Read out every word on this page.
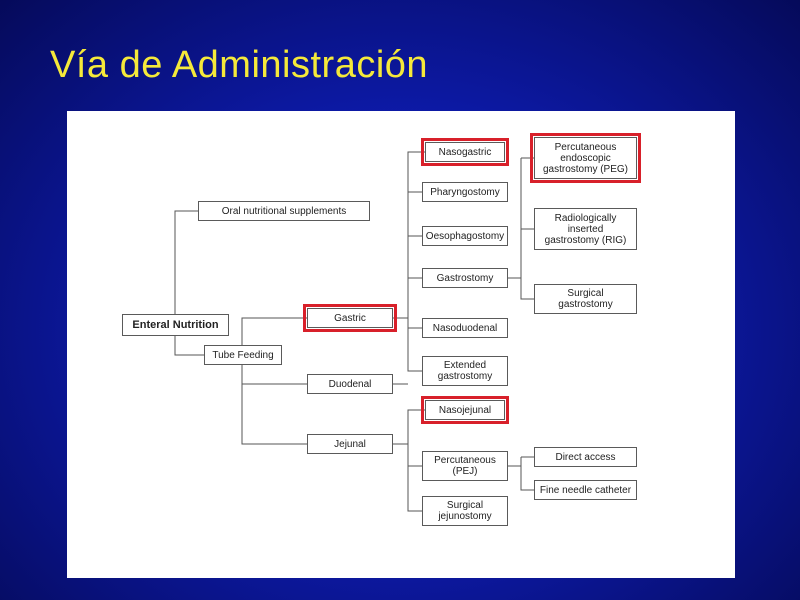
Vía de Administración
Enteral Nutrition
Oral nutritional supplements
Tube Feeding
Gastric
Duodenal
Jejunal
Nasogastric
Pharyngostomy
Oesophagostomy
Gastrostomy
Nasoduodenal
Extended
gastrostomy
Nasojejunal
Percutaneous
(PEJ)
Surgical
jejunostomy
Percutaneous
endoscopic
gastrostomy (PEG)
Radiologically
inserted
gastrostomy (RIG)
Surgical
gastrostomy
Direct access
Fine needle catheter
